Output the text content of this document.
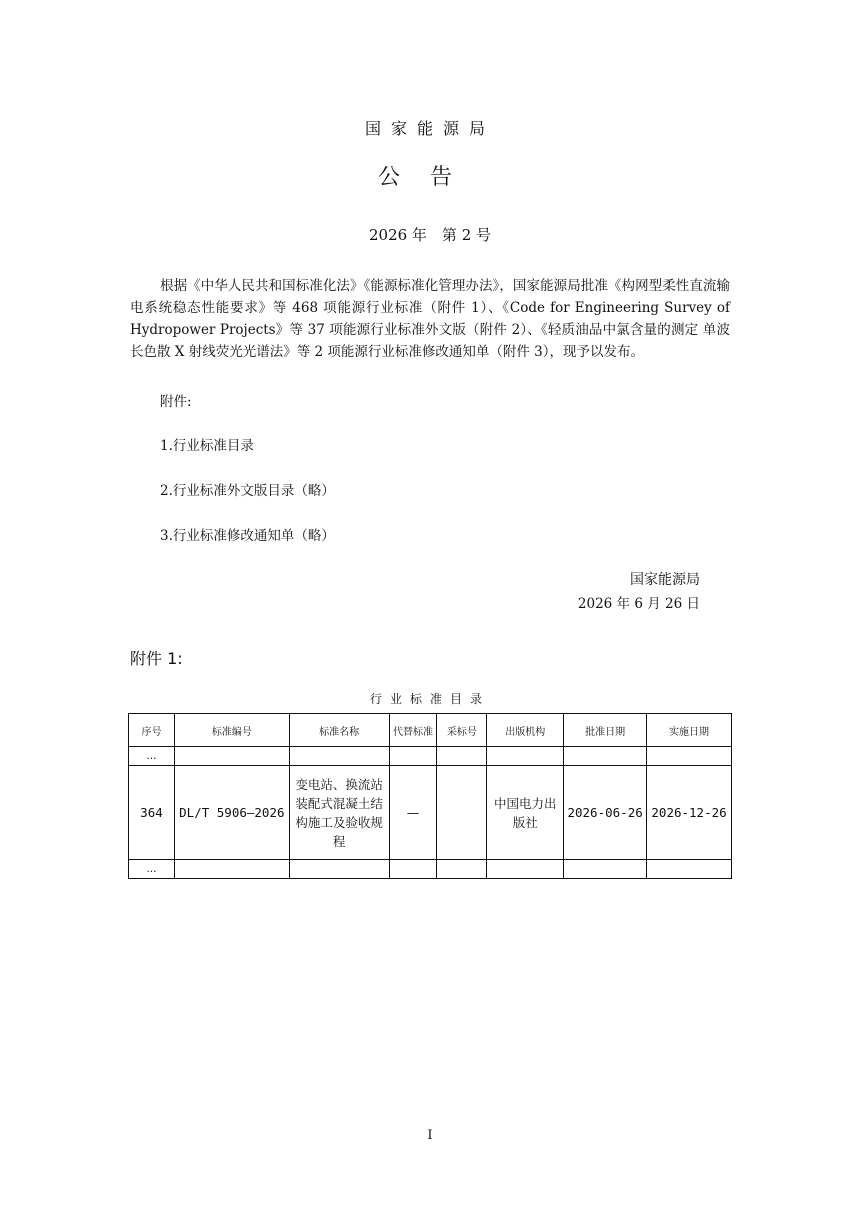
国家能源局
公告
2026 年　第 2 号
根据《中华人民共和国标准化法》《能源标准化管理办法》，国家能源局批准《构网型柔性直流输电系统稳态性能要求》等 468 项能源行业标准（附件 1）、《Code for Engineering Survey of Hydropower Projects》等 37 项能源行业标准外文版（附件 2）、《轻质油品中氯含量的测定 单波长色散 X 射线荧光光谱法》等 2 项能源行业标准修改通知单（附件 3），现予以发布。
附件:
1.行业标准目录
2.行业标准外文版目录（略）
3.行业标准修改通知单（略）
国家能源局
2026 年 6 月 26 日
附件 1:
行业标准目录
序号	标准编号	标准名称	代替标准	采标号	出版机构	批准日期	实施日期
...							
364	DL/T 5906—2026	变电站、换流站装配式混凝土结构施工及验收规程	—		中国电力出版社	2026-06-26	2026-12-26
...							
I
